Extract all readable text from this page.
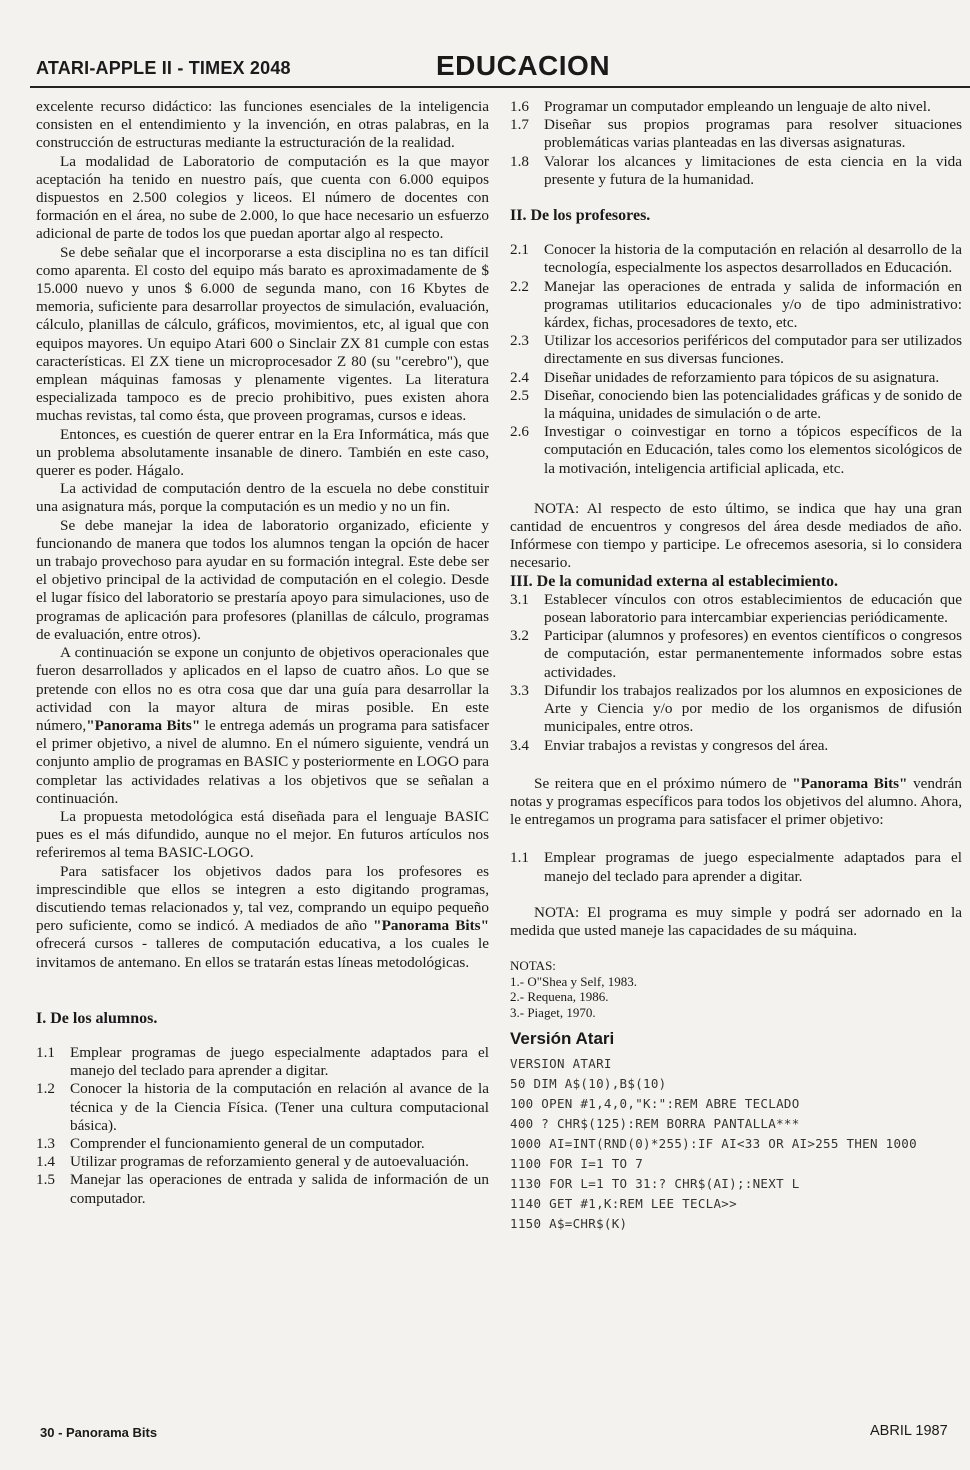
ATARI-APPLE II - TIMEX 2048	EDUCACION

excelente recurso didáctico: las funciones esenciales de la inteligencia consisten en el entendimiento y la invención, en otras palabras, en la construcción de estructuras mediante la estructuración de la realidad.

La modalidad de Laboratorio de computación es la que mayor aceptación ha tenido en nuestro país, que cuenta con 6.000 equipos dispuestos en 2.500 colegios y liceos. El número de docentes con formación en el área, no sube de 2.000, lo que hace necesario un esfuerzo adicional de parte de todos los que puedan aportar algo al respecto.

Se debe señalar que el incorporarse a esta disciplina no es tan difícil como aparenta. El costo del equipo más barato es aproximadamente de $ 15.000 nuevo y unos $ 6.000 de segunda mano, con 16 Kbytes de memoria, suficiente para desarrollar proyectos de simulación, evaluación, cálculo, planillas de cálculo, gráficos, movimientos, etc, al igual que con equipos mayores. Un equipo Atari 600 o Sinclair ZX 81 cumple con estas características. El ZX tiene un microprocesador Z 80 (su "cerebro"), que emplean máquinas famosas y plenamente vigentes. La literatura especializada tampoco es de precio prohibitivo, pues existen ahora muchas revistas, tal como ésta, que proveen programas, cursos e ideas.

Entonces, es cuestión de querer entrar en la Era Informática, más que un problema absolutamente insanable de dinero. También en este caso, querer es poder. Hágalo.

La actividad de computación dentro de la escuela no debe constituir una asignatura más, porque la computación es un medio y no un fin.

Se debe manejar la idea de laboratorio organizado, eficiente y funcionando de manera que todos los alumnos tengan la opción de hacer un trabajo provechoso para ayudar en su formación integral. Este debe ser el objetivo principal de la actividad de computación en el colegio. Desde el lugar físico del laboratorio se prestaría apoyo para simulaciones, uso de programas de aplicación para profesores (planillas de cálculo, programas de evaluación, entre otros).

A continuación se expone un conjunto de objetivos operacionales que fueron desarrollados y aplicados en el lapso de cuatro años. Lo que se pretende con ellos no es otra cosa que dar una guía para desarrollar la actividad con la mayor altura de miras posible. En este número,"Panorama Bits" le entrega además un programa para satisfacer el primer objetivo, a nivel de alumno. En el número siguiente, vendrá un conjunto amplio de programas en BASIC y posteriormente en LOGO para completar las actividades relativas a los objetivos que se señalan a continuación.

La propuesta metodológica está diseñada para el lenguaje BASIC pues es el más difundido, aunque no el mejor. En futuros artículos nos referiremos al tema BASIC-LOGO.

Para satisfacer los objetivos dados para los profesores es imprescindible que ellos se integren a esto digitando programas, discutiendo temas relacionados y, tal vez, comprando un equipo pequeño pero suficiente, como se indicó. A mediados de año "Panorama Bits" ofrecerá cursos - talleres de computación educativa, a los cuales le invitamos de antemano. En ellos se tratarán estas líneas metodológicas.

I. De los alumnos.

1.1 Emplear programas de juego especialmente adaptados para el manejo del teclado para aprender a digitar.
1.2 Conocer la historia de la computación en relación al avance de la técnica y de la Ciencia Física. (Tener una cultura computacional básica).
1.3 Comprender el funcionamiento general de un computador.
1.4 Utilizar programas de reforzamiento general y de autoevaluación.
1.5 Manejar las operaciones de entrada y salida de información de un computador.
1.6 Programar un computador empleando un lenguaje de alto nivel.
1.7 Diseñar sus propios programas para resolver situaciones problemáticas varias planteadas en las diversas asignaturas.
1.8 Valorar los alcances y limitaciones de esta ciencia en la vida presente y futura de la humanidad.

II. De los profesores.

2.1 Conocer la historia de la computación en relación al desarrollo de la tecnología, especialmente los aspectos desarrollados en Educación.
2.2 Manejar las operaciones de entrada y salida de información en programas utilitarios educacionales y/o de tipo administrativo: kárdex, fichas, procesadores de texto, etc.
2.3 Utilizar los accesorios periféricos del computador para ser utilizados directamente en sus diversas funciones.
2.4 Diseñar unidades de reforzamiento para tópicos de su asignatura.
2.5 Diseñar, conociendo bien las potencialidades gráficas y de sonido de la máquina, unidades de simulación o de arte.
2.6 Investigar o coinvestigar en torno a tópicos específicos de la computación en Educación, tales como los elementos sicológicos de la motivación, inteligencia artificial aplicada, etc.

NOTA: Al respecto de esto último, se indica que hay una gran cantidad de encuentros y congresos del área desde mediados de año. Infórmese con tiempo y participe. Le ofrecemos asesoria, si lo considera necesario.

III. De la comunidad externa al establecimiento.

3.1 Establecer vínculos con otros establecimientos de educación que posean laboratorio para intercambiar experiencias periódicamente.
3.2 Participar (alumnos y profesores) en eventos científicos o congresos de computación, estar permanentemente informados sobre estas actividades.
3.3 Difundir los trabajos realizados por los alumnos en exposiciones de Arte y Ciencia y/o por medio de los organismos de difusión municipales, entre otros.
3.4 Enviar trabajos a revistas y congresos del área.

Se reitera que en el próximo número de "Panorama Bits" vendrán notas y programas específicos para todos los objetivos del alumno. Ahora, le entregamos un programa para satisfacer el primer objetivo:

1.1 Emplear programas de juego especialmente adaptados para el manejo del teclado para aprender a digitar.

NOTA: El programa es muy simple y podrá ser adornado en la medida que usted maneje las capacidades de su máquina.

NOTAS:
1.- O"Shea y Self, 1983.
2.- Requena, 1986.
3.- Piaget, 1970.

Versión Atari

VERSION ATARI
50 DIM A$(10),B$(10)
100 OPEN #1,4,0,"K:":REM ABRE TECLADO
400 ? CHR$(125):REM BORRA PANTALLA***
1000 AI=INT(RND(0)*255):IF AI<33 OR AI>255 THEN 1000
1100 FOR I=1 TO 7
1130 FOR L=1 TO 31:? CHR$(AI);:NEXT L
1140 GET #1,K:REM LEE TECLA>>
1150 A$=CHR$(K)
30 - Panorama Bits	ABRIL 1987
